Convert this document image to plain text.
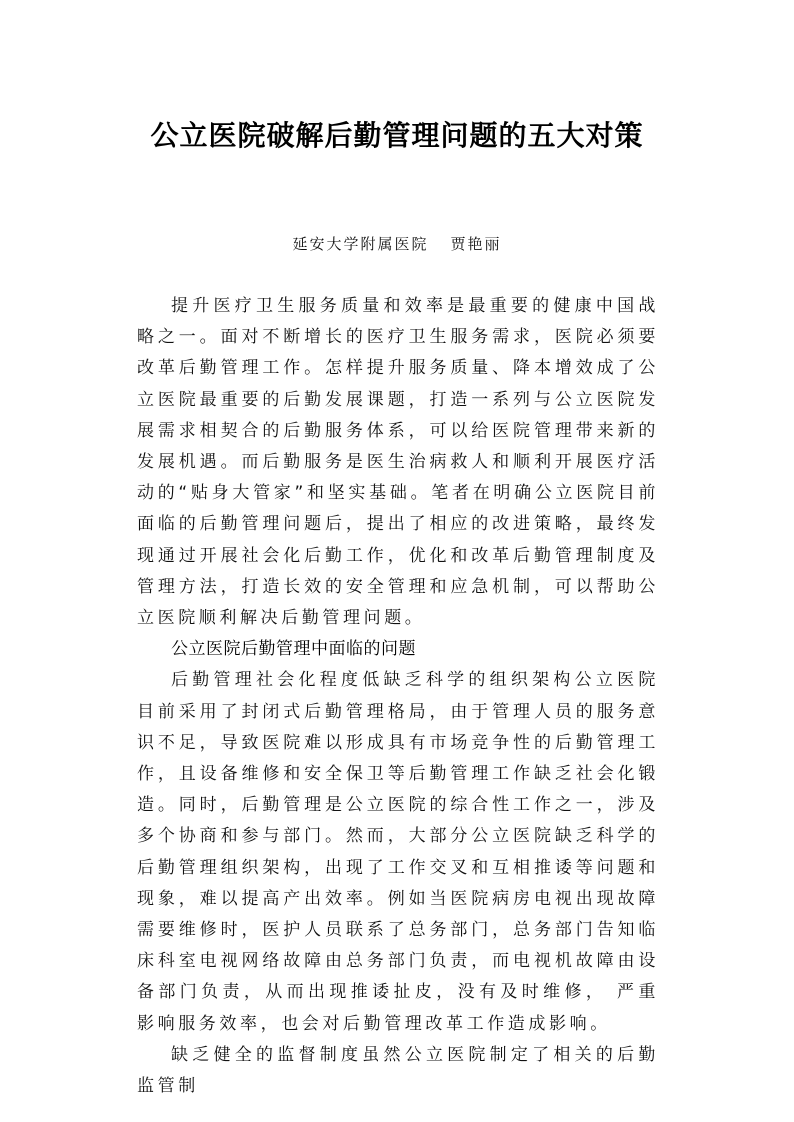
公立医院破解后勤管理问题的五大对策
延安大学附属医院 贾艳丽

提升医疗卫生服务质量和效率是最重要的健康中国战略之一。面对不断增长的医疗卫生服务需求，医院必须要改革后勤管理工作。怎样提升服务质量、降本增效成了公立医院最重要的后勤发展课题，打造一系列与公立医院发展需求相契合的后勤服务体系，可以给医院管理带来新的发展机遇。而后勤服务是医生治病救人和顺利开展医疗活动的“贴身大管家”和坚实基础。笔者在明确公立医院目前面临的后勤管理问题后，提出了相应的改进策略，最终发现通过开展社会化后勤工作，优化和改革后勤管理制度及管理方法，打造长效的安全管理和应急机制，可以帮助公立医院顺利解决后勤管理问题。

公立医院后勤管理中面临的问题

后勤管理社会化程度低缺乏科学的组织架构公立医院目前采用了封闭式后勤管理格局，由于管理人员的服务意识不足，导致医院难以形成具有市场竞争性的后勤管理工作，且设备维修和安全保卫等后勤管理工作缺乏社会化锻造。同时，后勤管理是公立医院的综合性工作之一，涉及多个协商和参与部门。然而，大部分公立医院缺乏科学的后勤管理组织架构，出现了工作交叉和互相推诿等问题和现象，难以提高产出效率。例如当医院病房电视出现故障需要维修时，医护人员联系了总务部门，总务部门告知临床科室电视网络故障由总务部门负责，而电视机故障由设备部门负责，从而出现推诿扯皮，没有及时维修， 严重影响服务效率，也会对后勤管理改革工作造成影响。

缺乏健全的监督制度虽然公立医院制定了相关的后勤监管制
